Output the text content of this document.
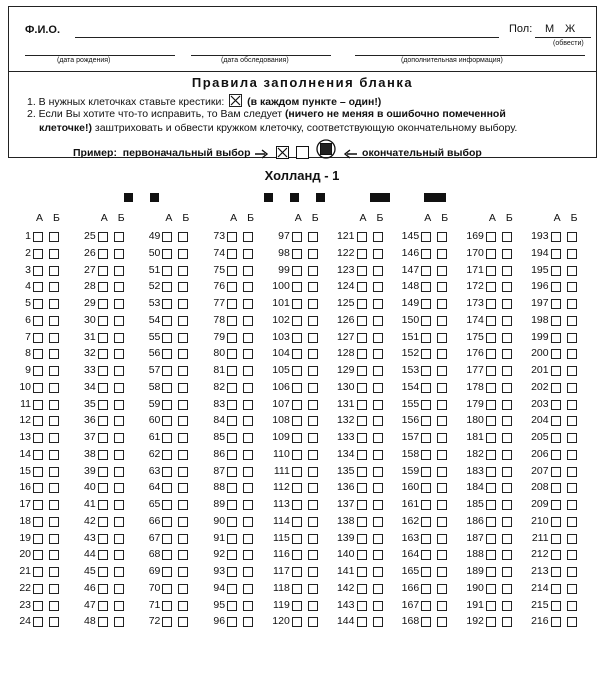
Ф.И.О.	Пол: М Ж
(обвести)
(дата рождения)	(дата обследования)	(дополнительная информация)
Правила заполнения бланка
1. В нужных клеточках ставьте крестики: (в каждом пункте – один!)
2. Если Вы хотите что-то исправить, то Вам следует (ничего не меняя в ошибочно помеченной
клеточке!) заштриховать и обвести кружком клеточку, соответствующую окончательному выбору.
Пример: первоначальный выбор	окончательный выбор
Холланд - 1
А Б
1
2
3
4
5
6
7
8
9
10
11
12
13
14
15
16
17
18
19
20
21
22
23
24
А Б
25
26
27
28
29
30
31
32
33
34
35
36
37
38
39
40
41
42
43
44
45
46
47
48
А Б
49
50
51
52
53
54
55
56
57
58
59
60
61
62
63
64
65
66
67
68
69
70
71
72
А Б
73
74
75
76
77
78
79
80
81
82
83
84
85
86
87
88
89
90
91
92
93
94
95
96
А Б
97
98
99
100
101
102
103
104
105
106
107
108
109
110
111
112
113
114
115
116
117
118
119
120
А Б
121
122
123
124
125
126
127
128
129
130
131
132
133
134
135
136
137
138
139
140
141
142
143
144
А Б
145
146
147
148
149
150
151
152
153
154
155
156
157
158
159
160
161
162
163
164
165
166
167
168
А Б
169
170
171
172
173
174
175
176
177
178
179
180
181
182
183
184
185
186
187
188
189
190
191
192
А Б
193
194
195
196
197
198
199
200
201
202
203
204
205
206
207
208
209
210
211
212
213
214
215
216
